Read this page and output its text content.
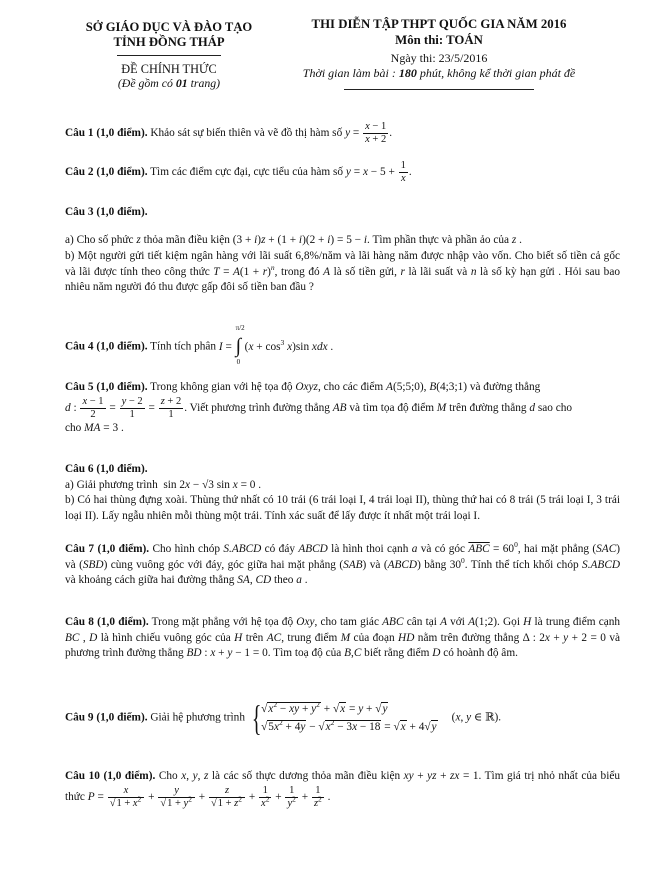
SỞ GIÁO DỤC VÀ ĐÀO TẠO
TỈNH ĐỒNG THÁP
ĐỀ CHÍNH THỨC
(Đề gồm có 01 trang)
THI DIỄN TẬP THPT QUỐC GIA NĂM 2016
Môn thi: TOÁN
Ngày thi: 23/5/2016
Thời gian làm bài : 180 phút, không kể thời gian phát đề
Câu 1 (1,0 điểm). Khảo sát sự biến thiên và vẽ đồ thị hàm số $y = \frac{x - 1}{x + 2}$ .
Câu 2 (1,0 điểm). Tìm các điểm cực đại, cực tiểu của hàm số $y = x - 5 + \frac{1}{x}$ .
Câu 3 (1,0 điểm).
a) Cho số phức z thỏa mãn điều kiện (3 + i)z + (1 + i)(2 + i) = 5 − i. Tìm phần thực và phần ảo của z .
b) Một người gửi tiết kiệm ngân hàng với lãi suất 6,8%/năm và lãi hàng năm được nhập vào vốn. Cho biết số tiền cả gốc và lãi được tính theo công thức $T = A(1 + r)^n$, trong đó A là số tiền gửi, r là lãi suất và n là số kỳ hạn gửi . Hỏi sau bao nhiêu năm người đó thu được gấp đôi số tiền ban đầu ?
Câu 4 (1,0 điểm). Tính tích phân I =
π/2
∫
0
$(x + \cos^3 x)\sin$ xdx .
Câu 5 (1,0 điểm). Trong không gian với hệ tọa độ Oxyz, cho các điểm A(5;5;0), B(4;3;1) và đường thẳng
d : $\frac{x - 1}{2} = \frac{y - 2}{1} = \frac{z + 2}{1}$ . Viết phương trình đường thẳng AB và tìm tọa độ điểm M trên đường thẳng d sao cho
cho MA = 3 .
Câu 6 (1,0 điểm).
a) Giải phương trình  sin 2x − √3 sin x = 0 .
b) Có hai thùng đựng xoài. Thùng thứ nhất có 10 trái (6 trái loại I, 4 trái loại II), thùng thứ hai có 8 trái (5 trái loại I, 3 trái loại II). Lấy ngẫu nhiên mỗi thùng một trái. Tính xác suất để lấy được ít nhất một trái loại I.
Câu 7 (1,0 điểm). Cho hình chóp S.ABCD có đáy ABCD là hình thoi cạnh a và có góc $\overline{ABC} = 60^0$, hai mặt phẳng (SAC) và (SBD) cùng vuông góc với đáy, góc giữa hai mặt phẳng (SAB) và (ABCD) bằng $30^0$. Tính thể tích khối chóp S.ABCD và khoảng cách giữa hai đường thẳng SA, CD theo a .
Câu 8 (1,0 điểm). Trong mặt phẳng với hệ tọa độ Oxy, cho tam giác ABC cân tại A với A(1;2). Gọi H là trung điểm cạnh BC , D là hình chiếu vuông góc của H trên AC, trung điểm M của đoạn HD nằm trên đường thẳng Δ : 2x + y + 2 = 0 và phương trình đường thẳng BD : x + y − 1 = 0. Tìm toạ độ của B,C biết rằng điểm D có hoành độ âm.
Câu 9 (1,0 điểm). Giải hệ phương trình {$√x^2$ − xy + $y^2 + √x = y + √y$
$√5x^2 + 4y - √x^2 - 3x - 18 = √x + 4√y$     (x, y ∈ ℝ).
Câu 10 (1,0 điểm). Cho x, y, z là các số thực dương thỏa mãn điều kiện xy + yz + zx = 1. Tìm giá trị nhỏ nhất của biểu thức $P = \frac{x}{√1 + x^2} + \frac{y}{√1 + y^2} + \frac{z}{√1 + z^2} + \frac{1}{x^2} + \frac{1}{y^2} + \frac{1}{z^2}$ .
